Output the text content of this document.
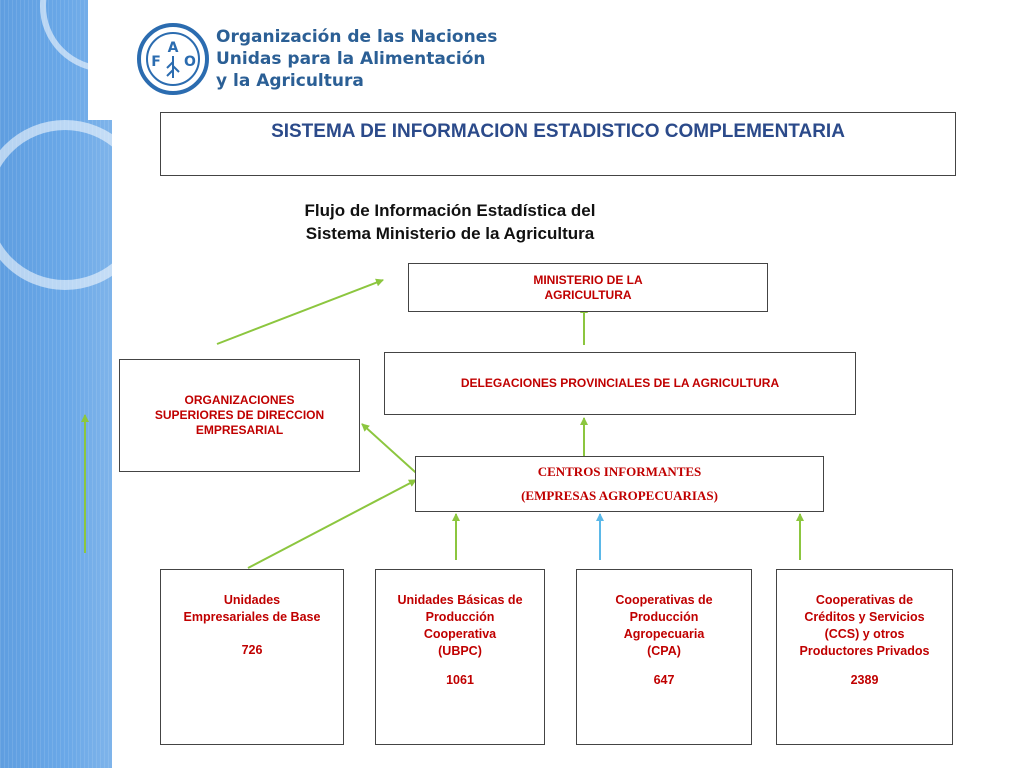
A
F O
Organización de las Naciones
Unidas para la Alimentación
y la Agricultura
SISTEMA DE INFORMACION ESTADISTICO COMPLEMENTARIA
Flujo de Información Estadística del
Sistema Ministerio de la Agricultura
MINISTERIO DE LA
AGRICULTURA
DELEGACIONES PROVINCIALES DE LA AGRICULTURA
ORGANIZACIONES
SUPERIORES DE DIRECCION
EMPRESARIAL
CENTROS INFORMANTES
(EMPRESAS AGROPECUARIAS)
Unidades
Empresariales de Base
726
Unidades Básicas de
Producción
Cooperativa
(UBPC)
1061
Cooperativas de
Producción
Agropecuaria
(CPA)
647
Cooperativas de
Créditos y Servicios
(CCS) y otros
Productores Privados
2389
